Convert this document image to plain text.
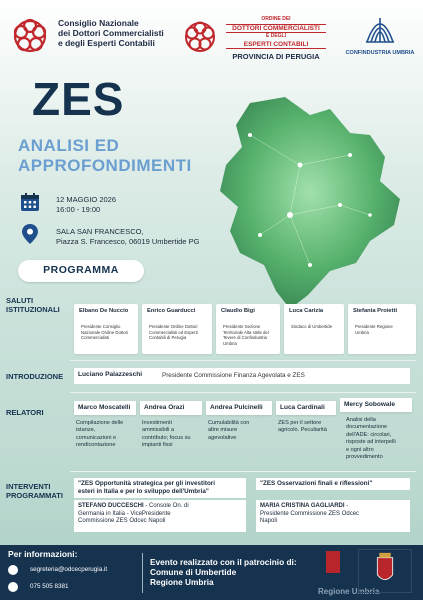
Consiglio Nazionale
dei Dottori Commercialisti
e degli Esperti Contabili
ORDINE DEI
DOTTORI COMMERCIALISTI
E DEGLI
ESPERTI CONTABILI
PROVINCIA DI PERUGIA	CONFINDUSTRIA UMBRIA
ZES
ANALISI ED
APPROFONDIMENTI
12 MAGGIO 2026
16:00 - 19:00
SALA SAN FRANCESCO,
Piazza S. Francesco, 06019 Umbertide PG
PROGRAMMA
SALUTI
ISTITUZIONALI	Elbano De Nuccio
Presidente Consiglio
Nazionale Ordine Dottori
Commercialisti
Enrico Guarducci
Presidente Ordine Dottori
Commercialisti ed Esperti
Contabili di Perugia
Claudio Bigi
Presidente Sezione
Territoriale Alta Valle del
Tevere di Confindustria
Umbria
Luca Carizia
Sindaco di Umbertide
Stefania Proietti
Presidente Regione
Umbria
INTRODUZIONE Luciano Palazzeschi	Presidente Commissione Finanza Agevolata e ZES
RELATORI
Marco Moscatelli
Compilazione delle
istanze,
comunicazioni e
rendicontazione
Andrea Orazi
Investimenti
ammissibili a
contributo; focus su
impianti fissi
Andrea Pulcinelli
Cumulabilità con
altre misure
agevolative
Luca Cardinali
ZES per il settore
agricolo. Peculiarità
Mercy Sobowale
Analisi della
documentazione
dell'ADE: circolari,
risposte ad interpelli
e ogni altro
provvedimento
INTERVENTI
PROGRAMMATI
"ZES Opportunità strategica per gli investitori
esteri in Italia e per lo sviluppo dell'Umbria"
STEFANO DUCCESCHI - Console On. di
Germania in Italia - VicePresidente
Commissione ZES Odcec Napoli
"ZES Osservazioni finali e riflessioni"
MARIA CRISTINA GAGLIARDI -
Presidente Commissione ZES Odcec
Napoli
Per informazioni:
segreteria@odcecperugia.it
075 505 8381
Evento realizzato con il patrocinio di:
Comune di Umbertide
Regione Umbria
Regione Umbria
